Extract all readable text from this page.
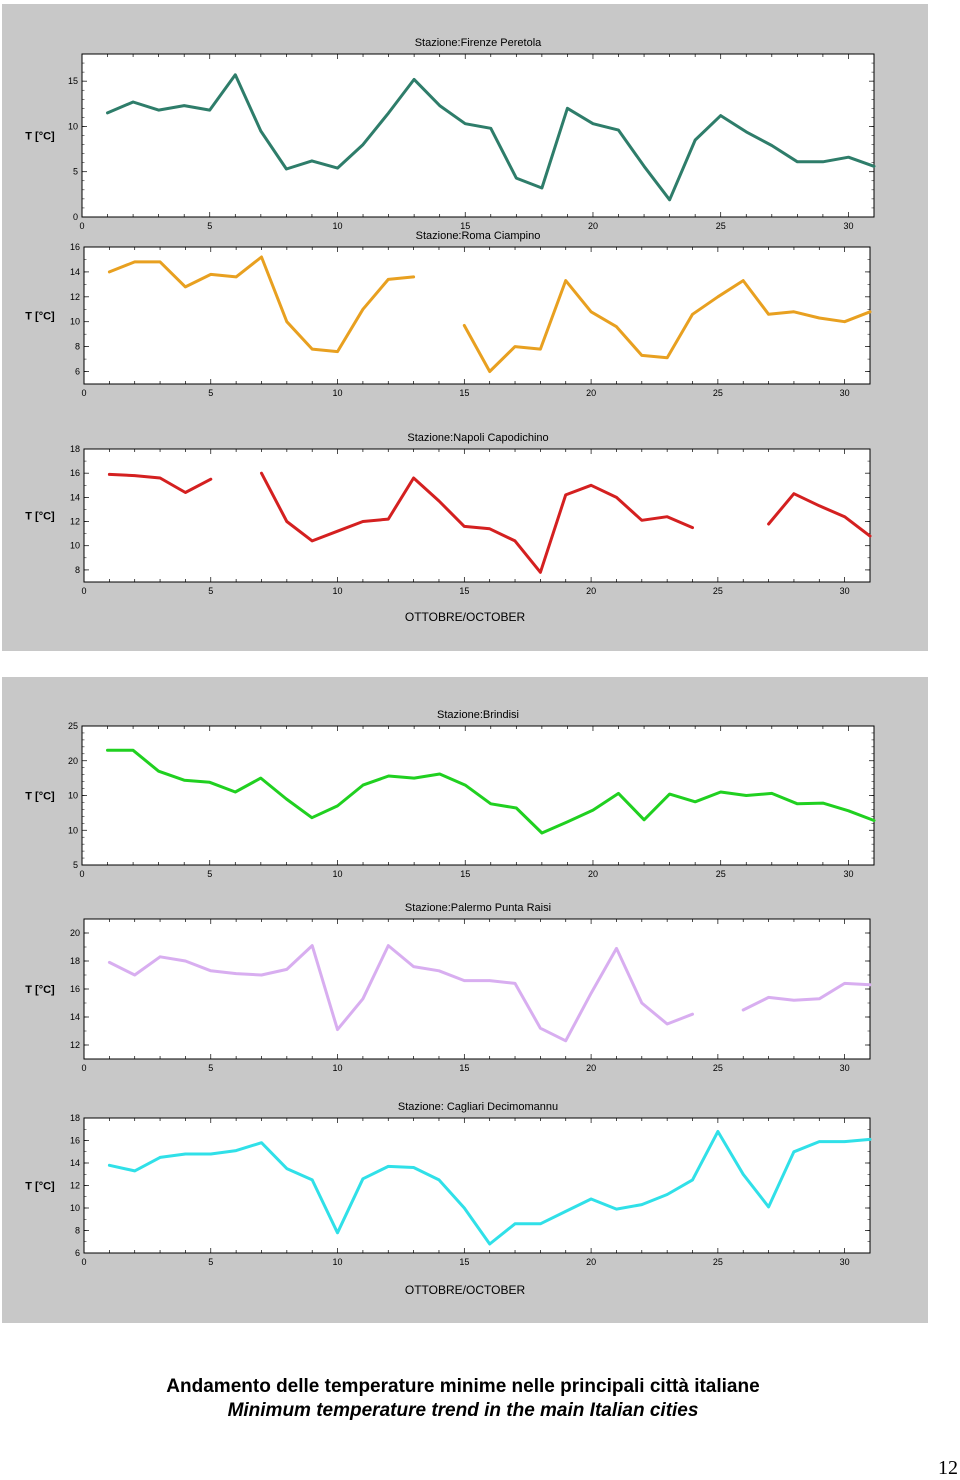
0	5	10	15	20	25	30
0
5
10
15
Stazione:Firenze Peretola
T [°C]
0	5	10	15	20	25	30
6
8
10
12
14
16
Stazione:Roma Ciampino
T [°C]
0	5	10	15	20	25	30
8
10
12
14
16
18
Stazione:Napoli Capodichino
T [°C]
OTTOBRE/OCTOBER
0	5	10	15	20	25	30
5
10
10
20
25
Stazione:Brindisi
T [°C]
0	5	10	15	20	25	30
12
14
16
18
20
Stazione:Palermo Punta Raisi
T [°C]
0	5	10	15	20	25	30
6
8
10
12
14
16
18
Stazione: Cagliari Decimomannu
T [°C]
OTTOBRE/OCTOBER
Andamento delle temperature minime nelle principali città italiane
Minimum temperature trend in the main Italian cities
12
